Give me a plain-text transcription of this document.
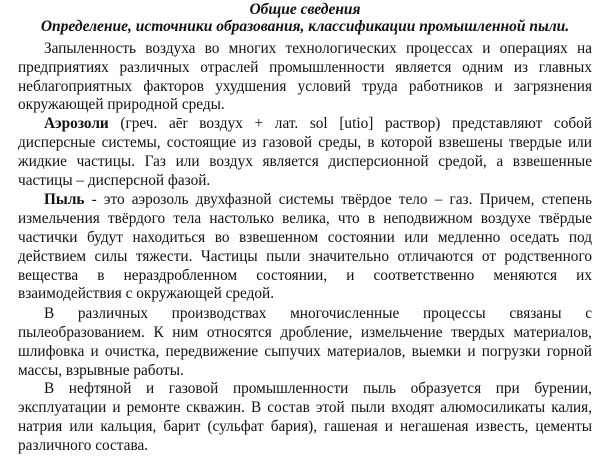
Общие сведения
Определение, источники образования, классификации промышленной пыли.

Запыленность воздуха во многих технологических процессах и операциях на предприятиях различных отраслей промышленности является одним из главных неблагоприятных факторов ухудшения условий труда работников и загрязнения окружающей природной среды.

Аэрозоли (греч. aēr воздух + лат. sol [utio] раствор) представляют собой дисперсные системы, состоящие из газовой среды, в которой взвешены твердые или жидкие частицы. Газ или воздух является дисперсионной средой, а взвешенные частицы – дисперсной фазой.

Пыль - это аэрозоль двухфазной системы твёрдое тело – газ. Причем, степень измельчения твёрдого тела настолько велика, что в неподвижном воздухе твёрдые частички будут находиться во взвешенном состоянии или медленно оседать под действием силы тяжести. Частицы пыли значительно отличаются от родственного вещества в нераздробленном состоянии, и соответственно меняются их взаимодействия с окружающей средой.

В различных производствах многочисленные процессы связаны с пылеобразованием. К ним относятся дробление, измельчение твердых материалов, шлифовка и очистка, передвижение сыпучих материалов, выемки и погрузки горной массы, взрывные работы.

В нефтяной и газовой промышленности пыль образуется при бурении, эксплуатации и ремонте скважин. В состав этой пыли входят алюмосиликаты калия, натрия или кальция, барит (сульфат бария), гашеная и негашеная известь, цементы различного состава.
